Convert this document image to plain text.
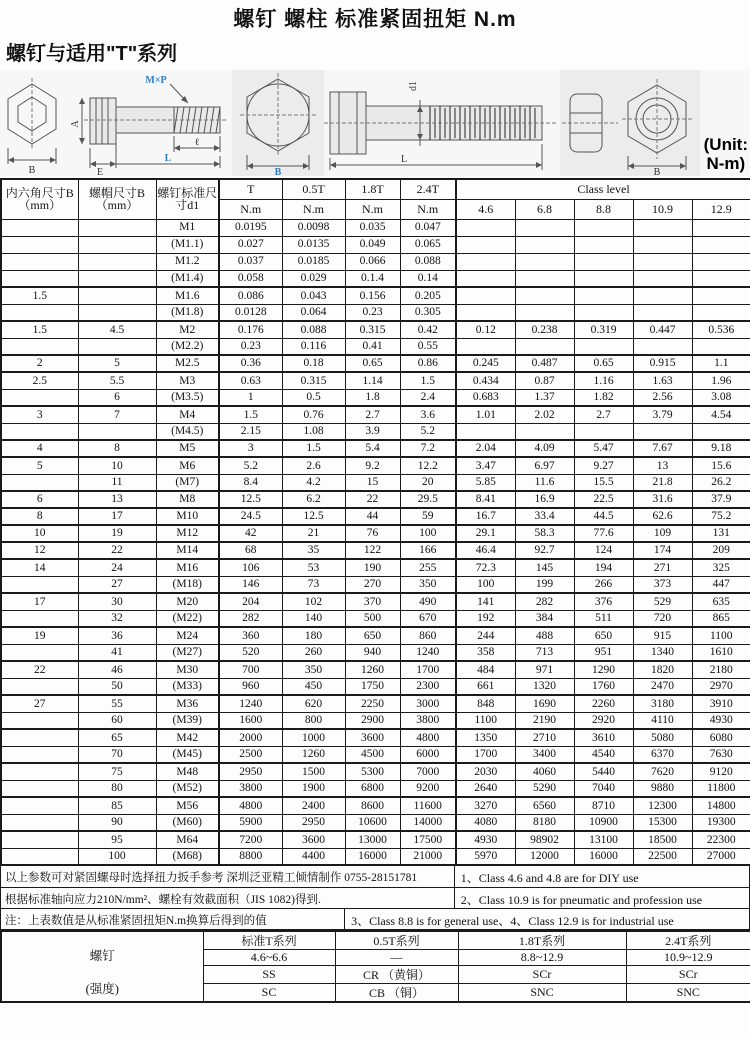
螺钉 螺柱 标准紧固扭矩 N.m
螺钉与适用"T"系列
B
A
M×P
ℓ
E
L
B
d1
L
B
(Unit:
N-m)
内六角尺寸B（mm）	螺帽尺寸B（mm）	螺钉标准尺寸d1	T	0.5T	1.8T	2.4T	Class level				
			N.m	N.m	N.m	N.m	4.6	6.8	8.8	10.9	12.9
		M1	0.0195	0.0098	0.035	0.047					
		(M1.1)	0.027	0.0135	0.049	0.065					
		M1.2	0.037	0.0185	0.066	0.088					
		(M1.4)	0.058	0.029	0.1.4	0.14					
1.5		M1.6	0.086	0.043	0.156	0.205					
		(M1.8)	0.0128	0.064	0.23	0.305					
1.5	4.5	M2	0.176	0.088	0.315	0.42	0.12	0.238	0.319	0.447	0.536
		(M2.2)	0.23	0.116	0.41	0.55					
2	5	M2.5	0.36	0.18	0.65	0.86	0.245	0.487	0.65	0.915	1.1
2.5	5.5	M3	0.63	0.315	1.14	1.5	0.434	0.87	1.16	1.63	1.96
	6	(M3.5)	1	0.5	1.8	2.4	0.683	1.37	1.82	2.56	3.08
3	7	M4	1.5	0.76	2.7	3.6	1.01	2.02	2.7	3.79	4.54
		(M4.5)	2.15	1.08	3.9	5.2					
4	8	M5	3	1.5	5.4	7.2	2.04	4.09	5.47	7.67	9.18
5	10	M6	5.2	2.6	9.2	12.2	3.47	6.97	9.27	13	15.6
	11	(M7)	8.4	4.2	15	20	5.85	11.6	15.5	21.8	26.2
6	13	M8	12.5	6.2	22	29.5	8.41	16.9	22.5	31.6	37.9
8	17	M10	24.5	12.5	44	59	16.7	33.4	44.5	62.6	75.2
10	19	M12	42	21	76	100	29.1	58.3	77.6	109	131
12	22	M14	68	35	122	166	46.4	92.7	124	174	209
14	24	M16	106	53	190	255	72.3	145	194	271	325
	27	(M18)	146	73	270	350	100	199	266	373	447
17	30	M20	204	102	370	490	141	282	376	529	635
	32	(M22)	282	140	500	670	192	384	511	720	865
19	36	M24	360	180	650	860	244	488	650	915	1100
	41	(M27)	520	260	940	1240	358	713	951	1340	1610
22	46	M30	700	350	1260	1700	484	971	1290	1820	2180
	50	(M33)	960	450	1750	2300	661	1320	1760	2470	2970
27	55	M36	1240	620	2250	3000	848	1690	2260	3180	3910
	60	(M39)	1600	800	2900	3800	1100	2190	2920	4110	4930
	65	M42	2000	1000	3600	4800	1350	2710	3610	5080	6080
	70	(M45)	2500	1260	4500	6000	1700	3400	4540	6370	7630
	75	M48	2950	1500	5300	7000	2030	4060	5440	7620	9120
	80	(M52)	3800	1900	6800	9200	2640	5290	7040	9880	11800
	85	M56	4800	2400	8600	11600	3270	6560	8710	12300	14800
	90	(M60)	5900	2950	10600	14000	4080	8180	10900	15300	19300
	95	M64	7200	3600	13000	17500	4930	98902	13100	18500	22300
	100	(M68)	8800	4400	16000	21000	5970	12000	16000	22500	27000
以上参数可对紧固螺母时选择扭力扳手参考 深圳泛亚精工倾情制作 0755-28151781	1、Class 4.6 and 4.8 are for DIY use
根据标准轴向应力210N/mm²、螺栓有效截面积（JIS 1082)得到.	2、Class 10.9 is for pneumatic and profession use
注：上表数值是从标准紧固扭矩N.m换算后得到的值	3、Class 8.8 is for general use、4、Class 12.9 is for industrial use
螺钉
(强度)	标准T系列	0.5T系列	1.8T系列	2.4T系列
	4.6~6.6	—	8.8~12.9	10.9~12.9
	SS	CR （黄铜）	SCr	SCr
	SC	CB （铜）	SNC	SNC
